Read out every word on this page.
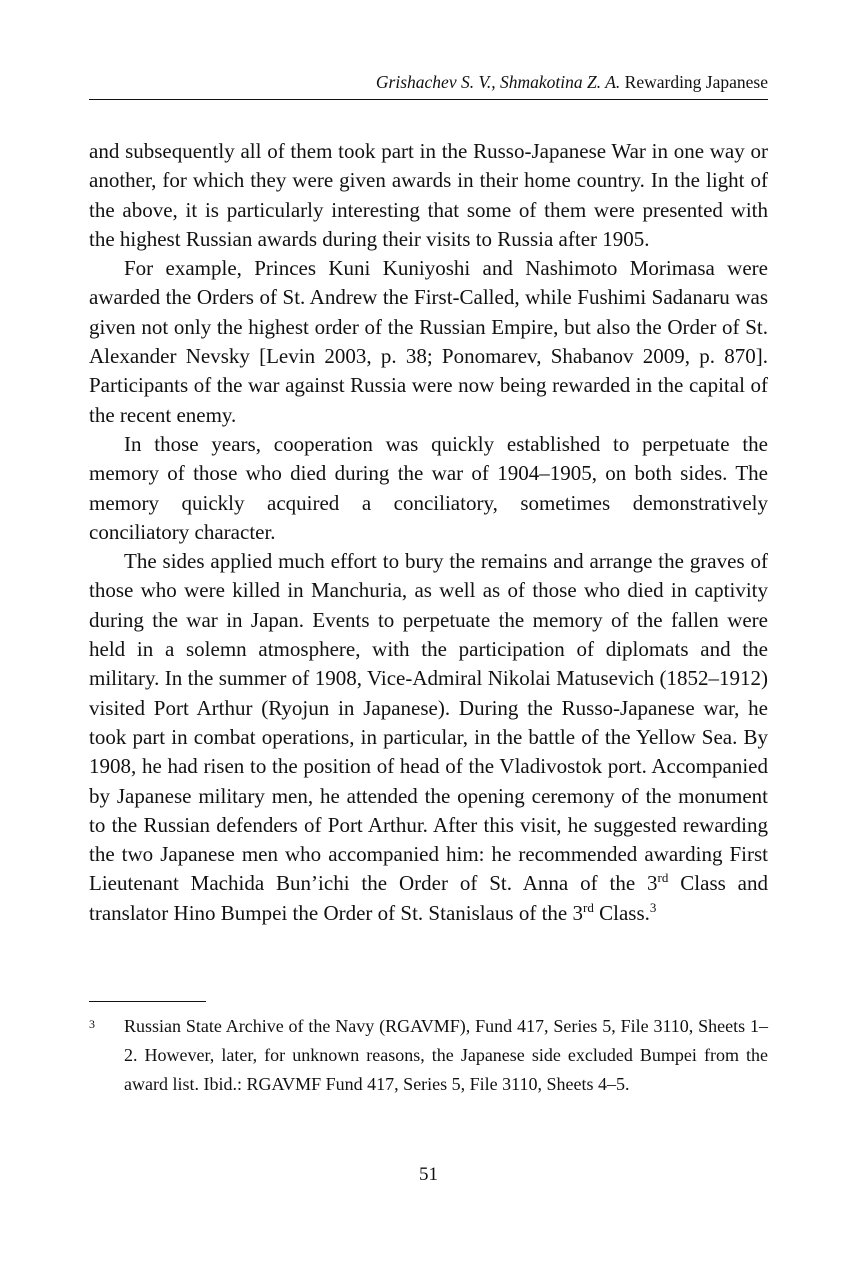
Grishachev S. V., Shmakotina Z. A. Rewarding Japanese

and subsequently all of them took part in the Russo-Japanese War in one way or another, for which they were given awards in their home country. In the light of the above, it is particularly interesting that some of them were presented with the highest Russian awards during their visits to Russia after 1905.

For example, Princes Kuni Kuniyoshi and Nashimoto Morimasa were awarded the Orders of St. Andrew the First-Called, while Fushimi Sadanaru was given not only the highest order of the Russian Empire, but also the Order of St. Alexander Nevsky [Levin 2003, p. 38; Ponomarev, Shabanov 2009, p. 870]. Participants of the war against Russia were now being rewarded in the capital of the recent enemy.

In those years, cooperation was quickly established to perpetuate the memory of those who died during the war of 1904–1905, on both sides. The memory quickly acquired a conciliatory, sometimes demonstratively conciliatory character.

The sides applied much effort to bury the remains and arrange the graves of those who were killed in Manchuria, as well as of those who died in captivity during the war in Japan. Events to perpetuate the memory of the fallen were held in a solemn atmosphere, with the participation of diplomats and the military. In the summer of 1908, Vice-Admiral Nikolai Matusevich (1852–1912) visited Port Arthur (Ryojun in Japanese). During the Russo-Japanese war, he took part in combat operations, in particular, in the battle of the Yellow Sea. By 1908, he had risen to the position of head of the Vladivostok port. Accompanied by Japanese military men, he attended the opening ceremony of the monument to the Russian defenders of Port Arthur. After this visit, he suggested rewarding the two Japanese men who accompanied him: he recommended awarding First Lieutenant Machida Bun’ichi the Order of St. Anna of the 3rd Class and translator Hino Bumpei the Order of St. Stanislaus of the 3rd Class.$^3$

3 Russian State Archive of the Navy (RGAVMF), Fund 417, Series 5, File 3110, Sheets 1–2. However, later, for unknown reasons, the Japanese side excluded Bumpei from the award list. Ibid.: RGAVMF Fund 417, Series 5, File 3110, Sheets 4–5.
51
